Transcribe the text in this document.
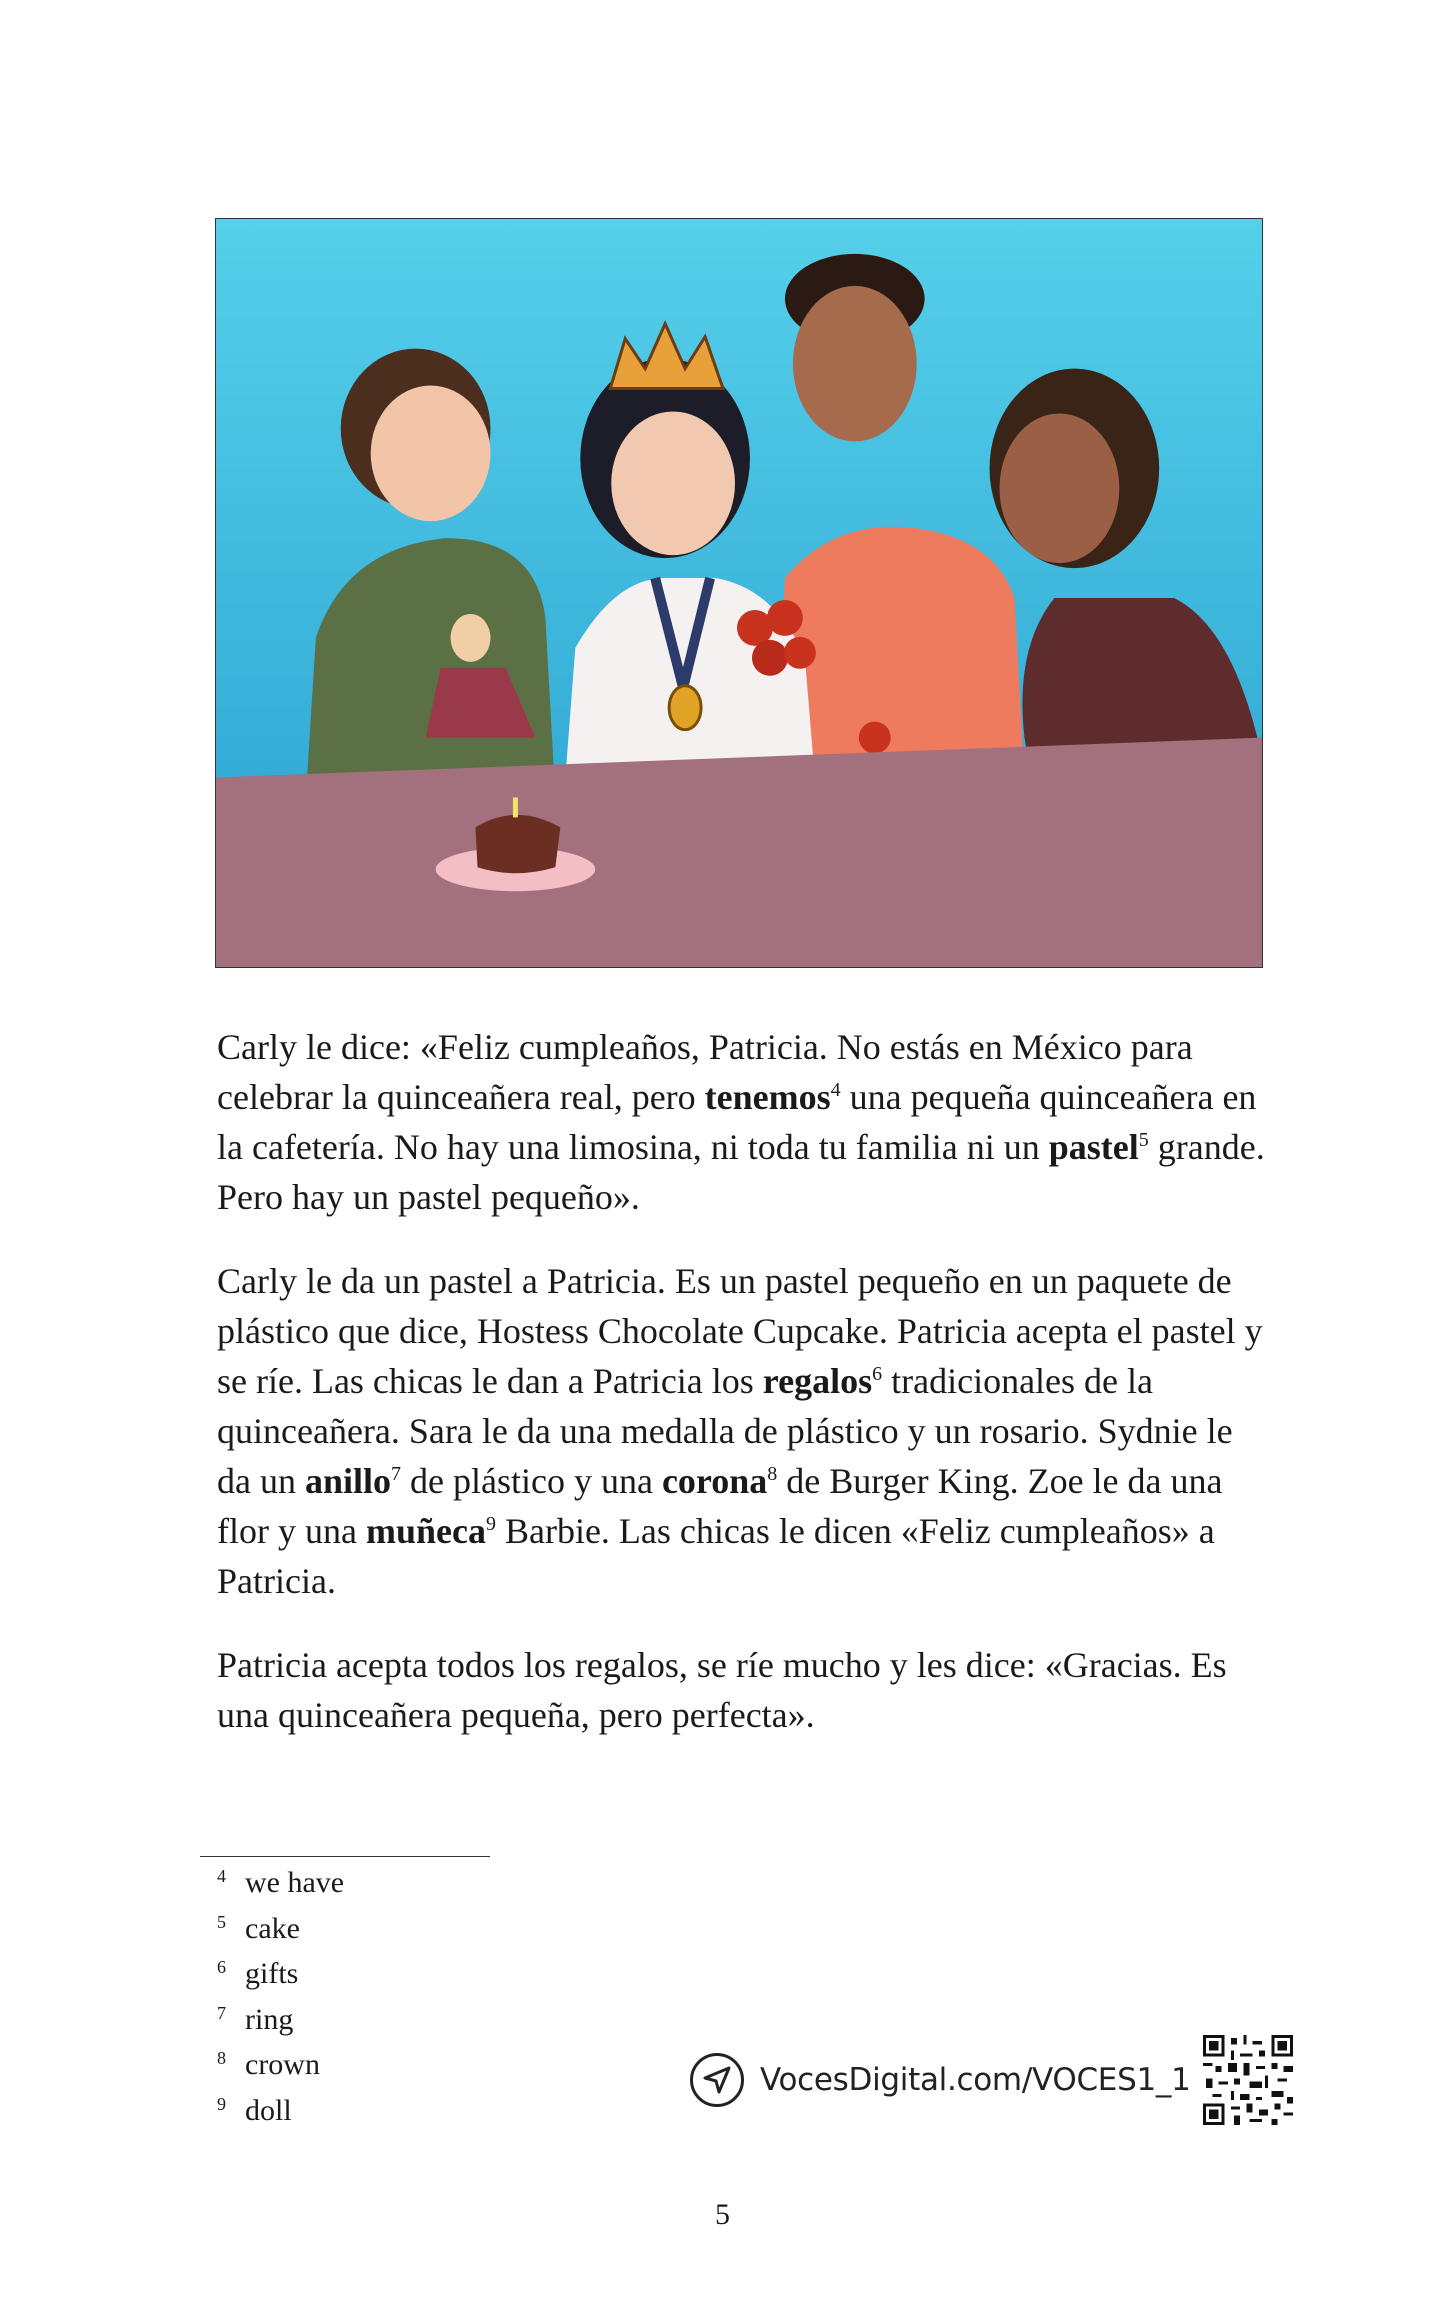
Carly le dice: «Feliz cumpleaños, Patricia. No estás en México para celebrar la quinceañera real, pero tenemos$^4$ una pequeña quinceañera en la cafetería. No hay una limosina, ni toda tu familia ni un pastel$^5$ grande. Pero hay un pastel pequeño».

Carly le da un pastel a Patricia. Es un pastel pequeño en un paquete de plástico que dice, Hostess Chocolate Cupcake. Patricia acepta el pastel y se ríe. Las chicas le dan a Patricia los regalos$^6$ tradicionales de la quinceañera. Sara le da una medalla de plástico y un rosario. Sydnie le da un anillo$^7$ de plástico y una corona$^8$ de Burger King. Zoe le da una flor y una muñeca$^9$ Barbie. Las chicas le dicen «Feliz cumpleaños» a Patricia.

Patricia acepta todos los regalos, se ríe mucho y les dice: «Gracias. Es una quinceañera pequeña, pero perfecta».

4 we have
5 cake
6 gifts
7 ring
8 crown
9 doll
VocesDigital.com/VOCES1_1
5
